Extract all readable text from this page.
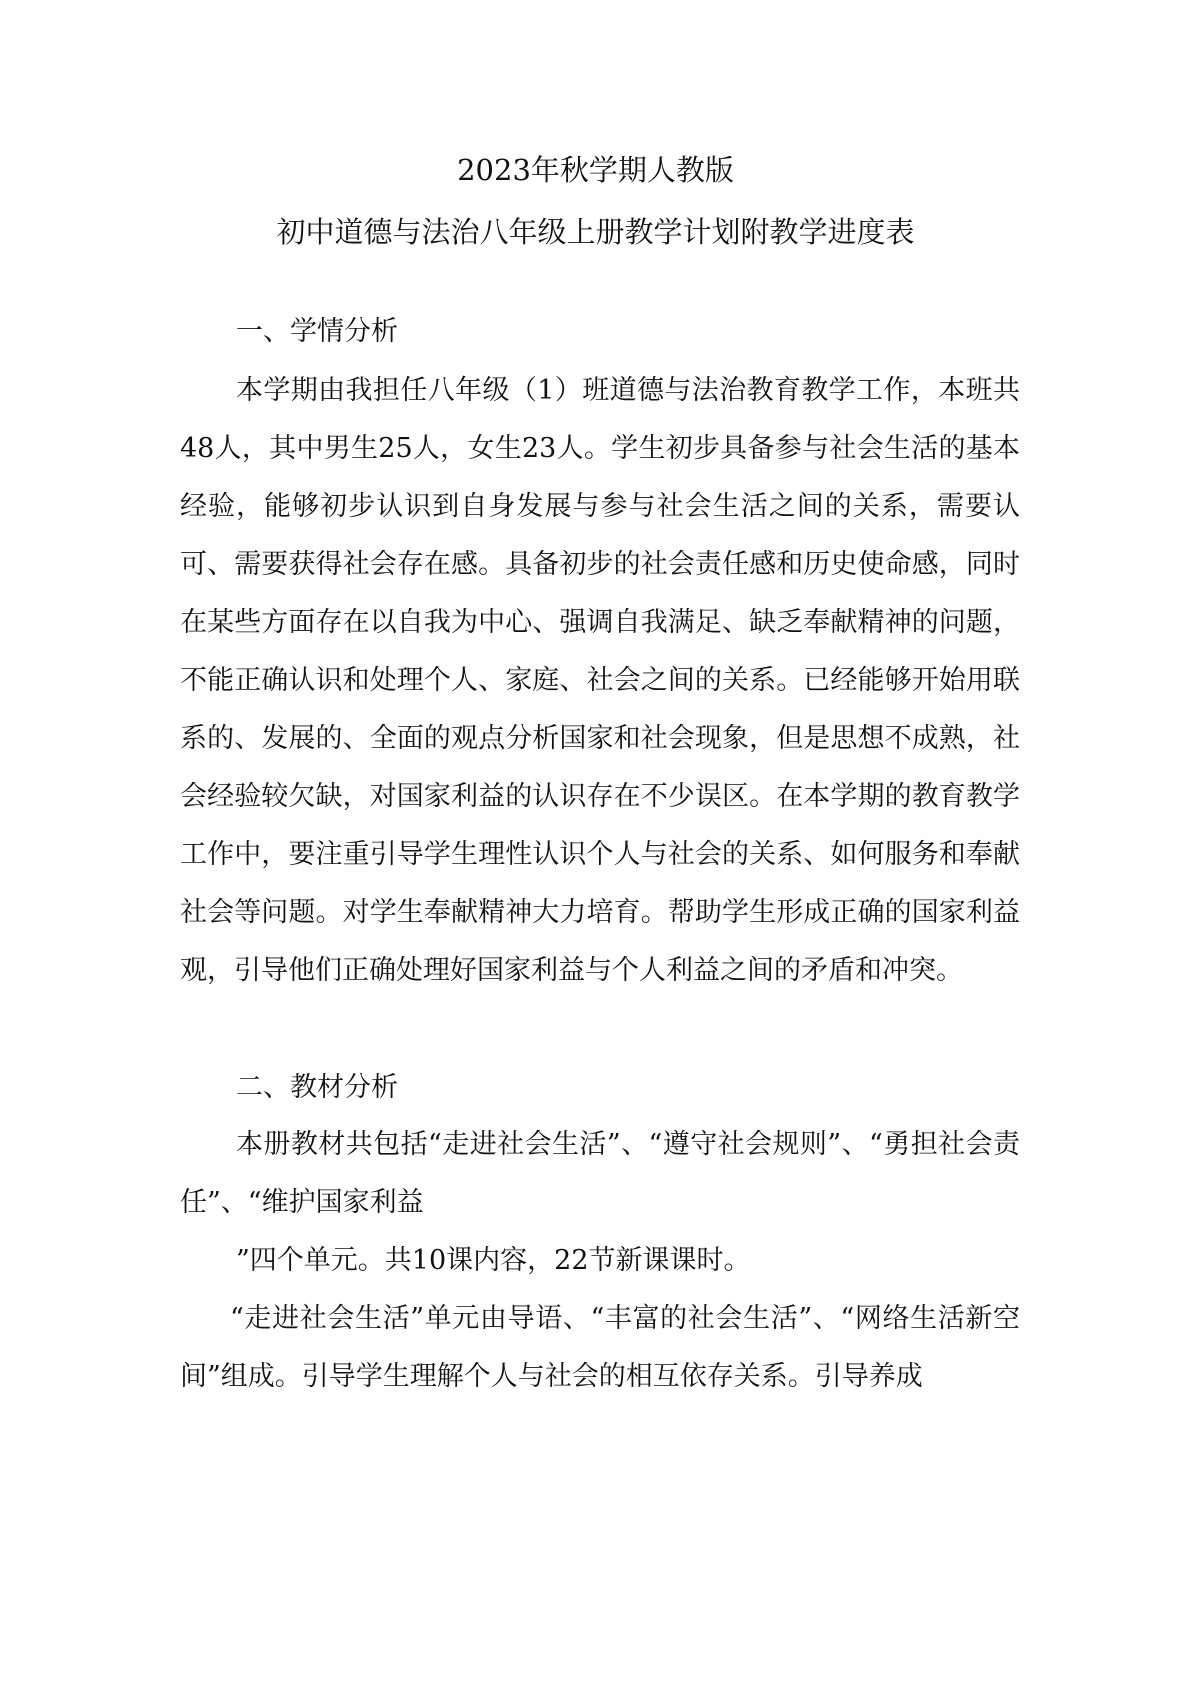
2023年秋学期人教版
初中道德与法治八年级上册教学计划附教学进度表

一、学情分析

本学期由我担任八年级（1）班道德与法治教育教学工作，本班共48人，其中男生25人，女生23人。学生初步具备参与社会生活的基本经验，能够初步认识到自身发展与参与社会生活之间的关系，需要认可、需要获得社会存在感。具备初步的社会责任感和历史使命感，同时在某些方面存在以自我为中心、强调自我满足、缺乏奉献精神的问题，不能正确认识和处理个人、家庭、社会之间的关系。已经能够开始用联系的、发展的、全面的观点分析国家和社会现象，但是思想不成熟，社会经验较欠缺，对国家利益的认识存在不少误区。在本学期的教育教学工作中，要注重引导学生理性认识个人与社会的关系、如何服务和奉献社会等问题。对学生奉献精神大力培育。帮助学生形成正确的国家利益观，引导他们正确处理好国家利益与个人利益之间的矛盾和冲突。

二、教材分析

本册教材共包括“走进社会生活”、“遵守社会规则”、“勇担社会责任”、“维护国家利益

”四个单元。共10课内容，22节新课课时。

“走进社会生活”单元由导语、“丰富的社会生活”、“网络生活新空间”组成。引导学生理解个人与社会的相互依存关系。引导养成
